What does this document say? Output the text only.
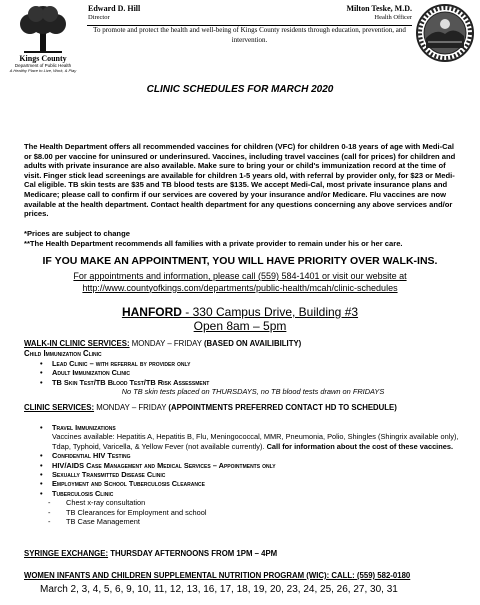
Kings County
Department of Public Health
A Healthy Place to Live, Work, & Play
Edward D. Hill
Director
Milton Teske, M.D.
Health Officer
To promote and protect the health and well-being of Kings County residents through education, prevention, and intervention.
CLINIC SCHEDULES FOR MARCH 2020
The Health Department offers all recommended vaccines for children (VFC) for children 0-18 years of age with Medi-Cal or $8.00 per vaccine for uninsured or underinsured. Vaccines, including travel vaccines (call for prices) for children and adults with private insurance are also available. Make sure to bring your or child's immunization record at the time of visit. Finger stick lead screenings are available for children 1-5 years old, with referral by provider only, for $23 or Medi-Cal eligible. TB skin tests are $35 and TB blood tests are $135. We accept Medi-Cal, most private insurance plans and Medicare; please call to confirm if our services are covered by your insurance and/or Medicare. Flu vaccines are now available at the health department. Contact health department for any questions concerning any above services and/or prices.
*Prices are subject to change
**The Health Department recommends all families with a private provider to remain under his or her care.
IF YOU MAKE AN APPOINTMENT, YOU WILL HAVE PRIORITY OVER WALK-INS.
For appointments and information, please call (559) 584-1401 or visit our website at
http://www.countyofkings.com/departments/public-health/mcah/clinic-schedules
HANFORD - 330 Campus Drive, Building #3
Open 8am – 5pm
WALK-IN CLINIC SERVICES: MONDAY – FRIDAY (BASED ON AVAILIBILITY)
Child Immunization Clinic
• Lead Clinic – with referral by provider only
• Adult Immunization Clinic
• TB Skin Test/TB Blood Test/TB Risk Assessment
No TB skin tests placed on THURSDAYS, no TB blood tests drawn on FRIDAYS
CLINIC SERVICES: MONDAY – FRIDAY (APPOINTMENTS PREFERRED CONTACT HD TO SCHEDULE)
• Travel Immunizations
Vaccines available: Hepatitis A, Hepatitis B, Flu, Meningococcal, MMR, Pneumonia, Polio, Shingles (Shingrix available only), Tdap, Typhoid, Varicella, & Yellow Fever (not available currently). Call for information about the cost of these vaccines.
• Confidential HIV Testing
• HIV/AIDS Case Management and Medical Services – Appointments only
• Sexually Transmitted Disease Clinic
• Employment and School Tuberculosis Clearance
• Tuberculosis Clinic
- Chest x-ray consultation
- TB Clearances for Employment and school
- TB Case Management
SYRINGE EXCHANGE: THURSDAY AFTERNOONS FROM 1PM – 4PM
WOMEN INFANTS AND CHILDREN SUPPLEMENTAL NUTRITION PROGRAM (WIC): CALL: (559) 582-0180
March 2, 3, 4, 5, 6, 9, 10, 11, 12, 13, 16, 17, 18, 19, 20, 23, 24, 25, 26, 27, 30, 31
